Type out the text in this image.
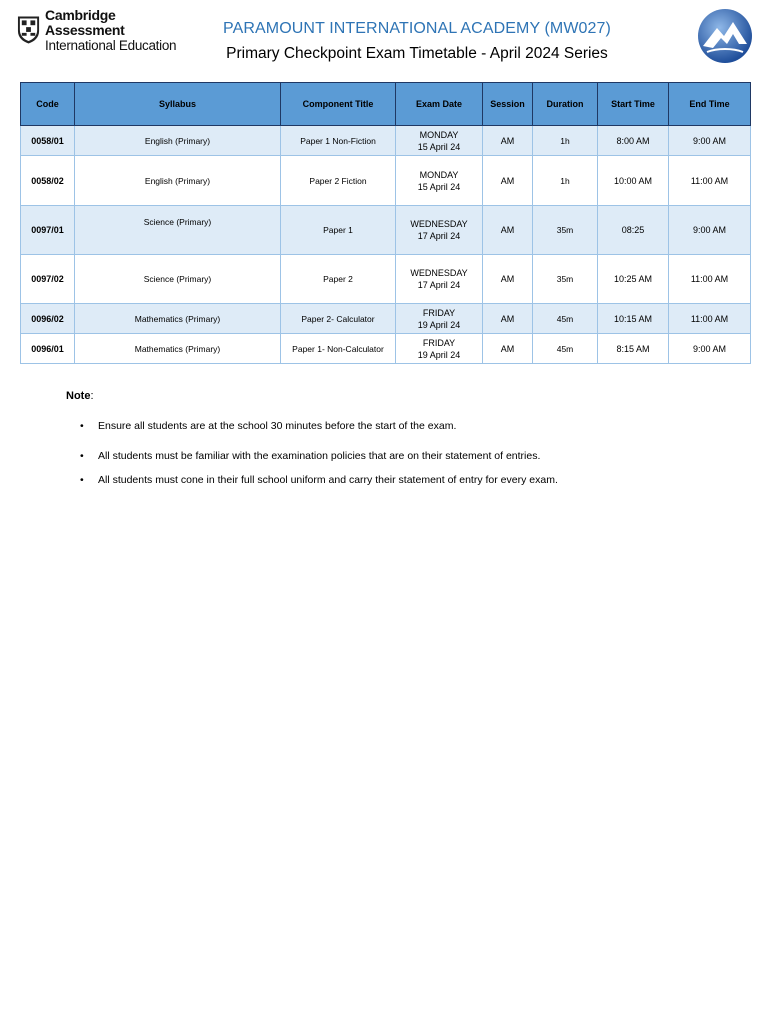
Cambridge Assessment
International Education
PARAMOUNT INTERNATIONAL ACADEMY (MW027)
Primary Checkpoint Exam Timetable - April 2024 Series
Code	Syllabus	Component Title	Exam Date	Session	Duration	Start Time	End Time
0058/01	English (Primary)	Paper 1 Non-Fiction	MONDAY
15 April 24	AM	1h	8:00 AM	9:00 AM
0058/02	English (Primary)	Paper 2 Fiction	MONDAY
15 April 24	AM	1h	10:00 AM	11:00 AM
0097/01	Science (Primary)	Paper 1	WEDNESDAY
17 April 24	AM	35m	08:25	9:00 AM
0097/02	Science (Primary)	Paper 2	WEDNESDAY
17 April 24	AM	35m	10:25 AM	11:00 AM
0096/02	Mathematics (Primary)	Paper 2- Calculator	FRIDAY
19 April 24	AM	45m	10:15 AM	11:00 AM
0096/01	Mathematics (Primary)	Paper 1- Non-Calculator	FRIDAY
19 April 24	AM	45m	8:15 AM	9:00 AM
Note:
• Ensure all students are at the school 30 minutes before the start of the exam.
• All students must be familiar with the examination policies that are on their statement of entries.
• All students must cone in their full school uniform and carry their statement of entry for every exam.
